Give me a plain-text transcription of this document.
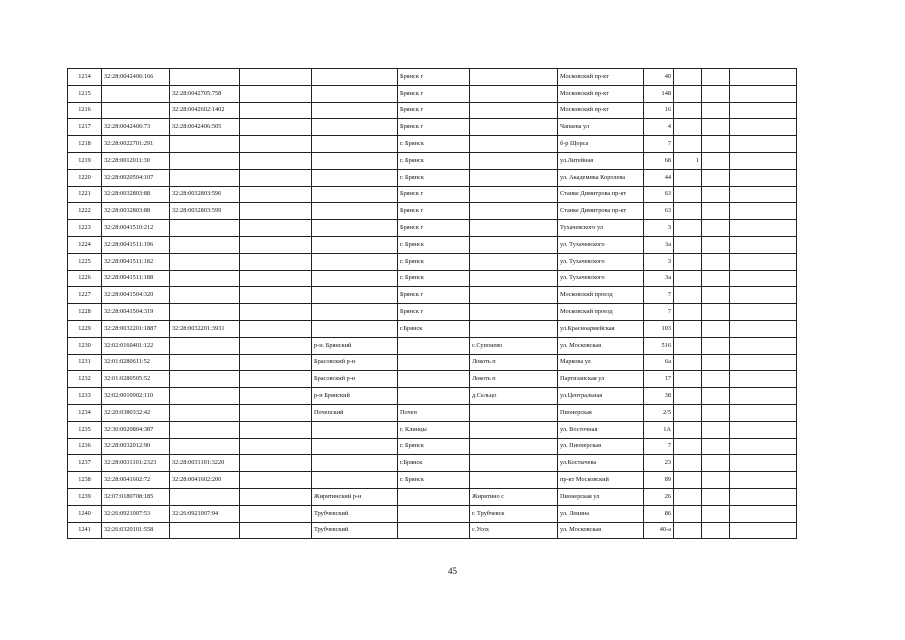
· · · · ·
1214	32:28:0042406:166				Брянск г		Московский пр-кт	40			
1215		32:28:0042705:758			Брянск г		Московский пр-кт	148			
1216		32:28:0042602:1402			Брянск г		Московский пр-кт	16			
1217	32:28:0042406:73	32:28:0042406:505			Брянск г		Чапаева ул	4			
1218	32:28:0022701:291				г. Брянск		б-р Щорса	7			
1219	32:28:0012011:30				г. Брянск		ул.Литейная	68	1		
1220	32:28:0020504:107				г. Брянск		ул. Академика Королева	44			
1221	32:28:0032803:88	32:28:0032803:596			Брянск г		Станке Димитрова пр-кт	63			
1222	32:28:0032803:88	32:28:0032803:599			Брянск г		Станке Димитрова пр-кт	63			
1223	32:28:0041510:212				Брянск г		Тухачевского ул	3			
1224	32:28:0041511:196				г. Брянск		ул. Тухачевского	3а			
1225	32:28:0041511:182				г. Брянск		ул. Тухачевского	3			
1226	32:28:0041511:188				г. Брянск		ул. Тухачевского	3а			
1227	32:28:0041504:320				Брянск г		Московский проезд	7			
1228	32:28:0041504:319				Брянск г		Московский проезд	7			
1229	32:28:0032201:1887	32:28:0032201:3931			г.Брянск		ул.Красноармейская	103			
1230	32:02:0160401:122			р-н. Брянский		с.Супонево	ул. Московская	516			
1231	32:01:0280611:52			Брасовский р-н		Локоть п	Маркова ул	6а			
1232	32:01:0280505:52			Брасовский р-н		Локоть п	Партизанская ул	17			
1233	32:02:0010902:110			р-н Брянский		д.Сельцо	ул.Центральная	38			
1234	32:20:0380332:42			Почепский	Почеп		Пионерская	2/5			
1235	32:30:0020804:387				г. Клинцы		ул. Восточная	1А			
1236	32:28:0032012:90				г. Брянск		ул. Пионерская	7			
1237	32:28:0031101:2323	32:28:0031101:3220			г.Брянск		ул.Костычева	23			
1238	32:28:0041602:72	32:28:0041602:200			г. Брянск		пр-кт Московский	89			
1239	32:07:0180708:185			Жирятинский р-н		Жирятино с	Пионерская ул	26			
1240	32:26:0921007:53	32:26:0921007:94		Трубчевский		г. Трубчевск	ул. Ленина	86			
1241	32:26:0320101:558			Трубчевский		с.Усох	ул. Московская	40-а			
45
